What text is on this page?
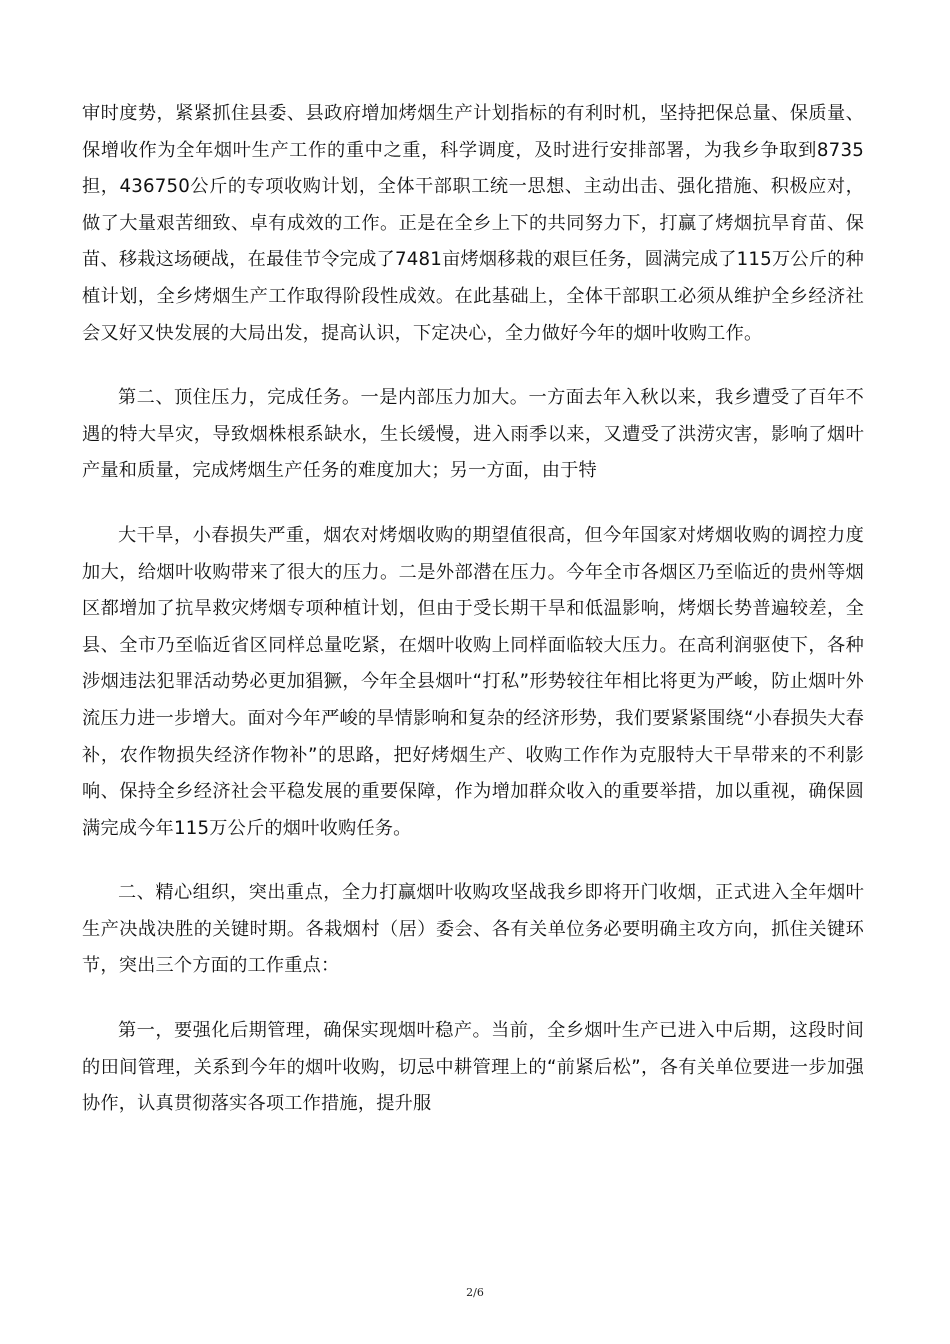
审时度势，紧紧抓住县委、县政府增加烤烟生产计划指标的有利时机，坚持把保总量、保质量、保增收作为全年烟叶生产工作的重中之重，科学调度，及时进行安排部署，为我乡争取到8735担，436750公斤的专项收购计划，全体干部职工统一思想、主动出击、强化措施、积极应对，做了大量艰苦细致、卓有成效的工作。正是在全乡上下的共同努力下，打赢了烤烟抗旱育苗、保苗、移栽这场硬战，在最佳节令完成了7481亩烤烟移栽的艰巨任务，圆满完成了115万公斤的种植计划，全乡烤烟生产工作取得阶段性成效。在此基础上，全体干部职工必须从维护全乡经济社会又好又快发展的大局出发，提高认识，下定决心，全力做好今年的烟叶收购工作。

第二、顶住压力，完成任务。一是内部压力加大。一方面去年入秋以来，我乡遭受了百年不遇的特大旱灾，导致烟株根系缺水，生长缓慢，进入雨季以来，又遭受了洪涝灾害，影响了烟叶产量和质量，完成烤烟生产任务的难度加大；另一方面，由于特

大干旱，小春损失严重，烟农对烤烟收购的期望值很高，但今年国家对烤烟收购的调控力度加大，给烟叶收购带来了很大的压力。二是外部潜在压力。今年全市各烟区乃至临近的贵州等烟区都增加了抗旱救灾烤烟专项种植计划，但由于受长期干旱和低温影响，烤烟长势普遍较差，全县、全市乃至临近省区同样总量吃紧，在烟叶收购上同样面临较大压力。在高利润驱使下，各种涉烟违法犯罪活动势必更加猖獗，今年全县烟叶“打私”形势较往年相比将更为严峻，防止烟叶外流压力进一步增大。面对今年严峻的旱情影响和复杂的经济形势，我们要紧紧围绕“小春损失大春补，农作物损失经济作物补”的思路，把好烤烟生产、收购工作作为克服特大干旱带来的不利影响、保持全乡经济社会平稳发展的重要保障，作为增加群众收入的重要举措，加以重视，确保圆满完成今年115万公斤的烟叶收购任务。

二、精心组织，突出重点，全力打赢烟叶收购攻坚战我乡即将开门收烟，正式进入全年烟叶生产决战决胜的关键时期。各栽烟村（居）委会、各有关单位务必要明确主攻方向，抓住关键环节，突出三个方面的工作重点：

第一，要强化后期管理，确保实现烟叶稳产。当前，全乡烟叶生产已进入中后期，这段时间的田间管理，关系到今年的烟叶收购，切忌中耕管理上的“前紧后松”，各有关单位要进一步加强协作，认真贯彻落实各项工作措施，提升服

2/6
